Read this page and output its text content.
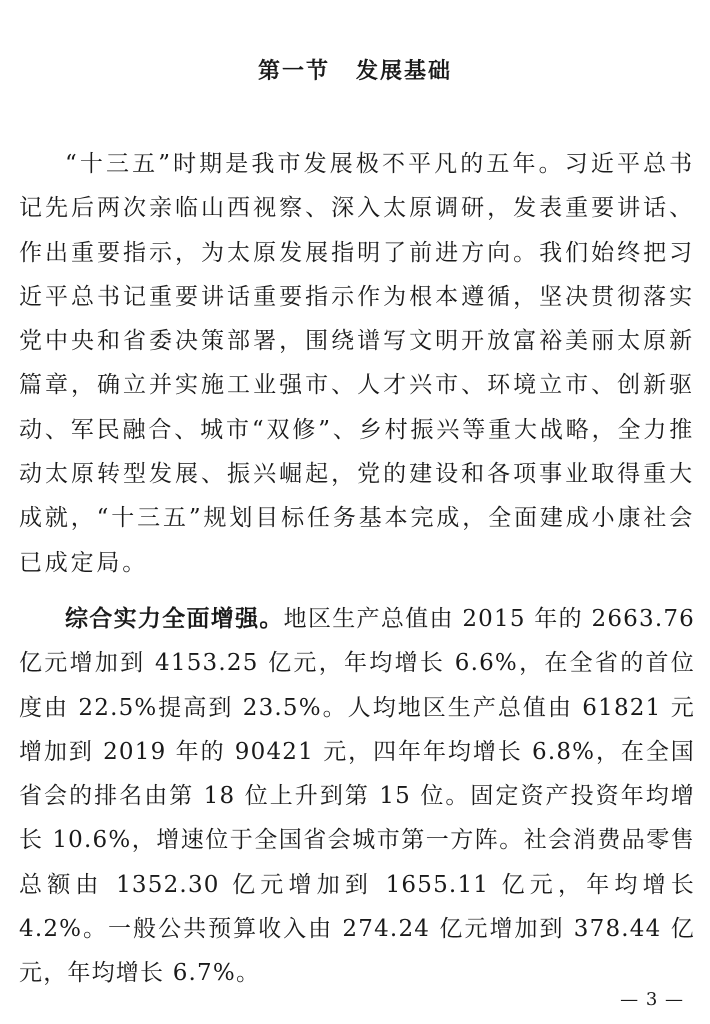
第一节 发展基础

“十三五”时期是我市发展极不平凡的五年。习近平总书记先后两次亲临山西视察、深入太原调研，发表重要讲话、作出重要指示，为太原发展指明了前进方向。我们始终把习近平总书记重要讲话重要指示作为根本遵循，坚决贯彻落实党中央和省委决策部署，围绕谱写文明开放富裕美丽太原新篇章，确立并实施工业强市、人才兴市、环境立市、创新驱动、军民融合、城市“双修”、乡村振兴等重大战略，全力推动太原转型发展、振兴崛起，党的建设和各项事业取得重大成就，“十三五”规划目标任务基本完成，全面建成小康社会已成定局。

综合实力全面增强。地区生产总值由 2015 年的 2663.76 亿元增加到 4153.25 亿元，年均增长 6.6%，在全省的首位度由 22.5%提高到 23.5%。人均地区生产总值由 61821 元增加到 2019 年的 90421 元，四年年均增长 6.8%，在全国省会的排名由第 18 位上升到第 15 位。固定资产投资年均增长 10.6%，增速位于全国省会城市第一方阵。社会消费品零售总额由 1352.30 亿元增加到 1655.11 亿元，年均增长 4.2%。一般公共预算收入由 274.24 亿元增加到 378.44 亿元，年均增长 6.7%。

— 3 —
